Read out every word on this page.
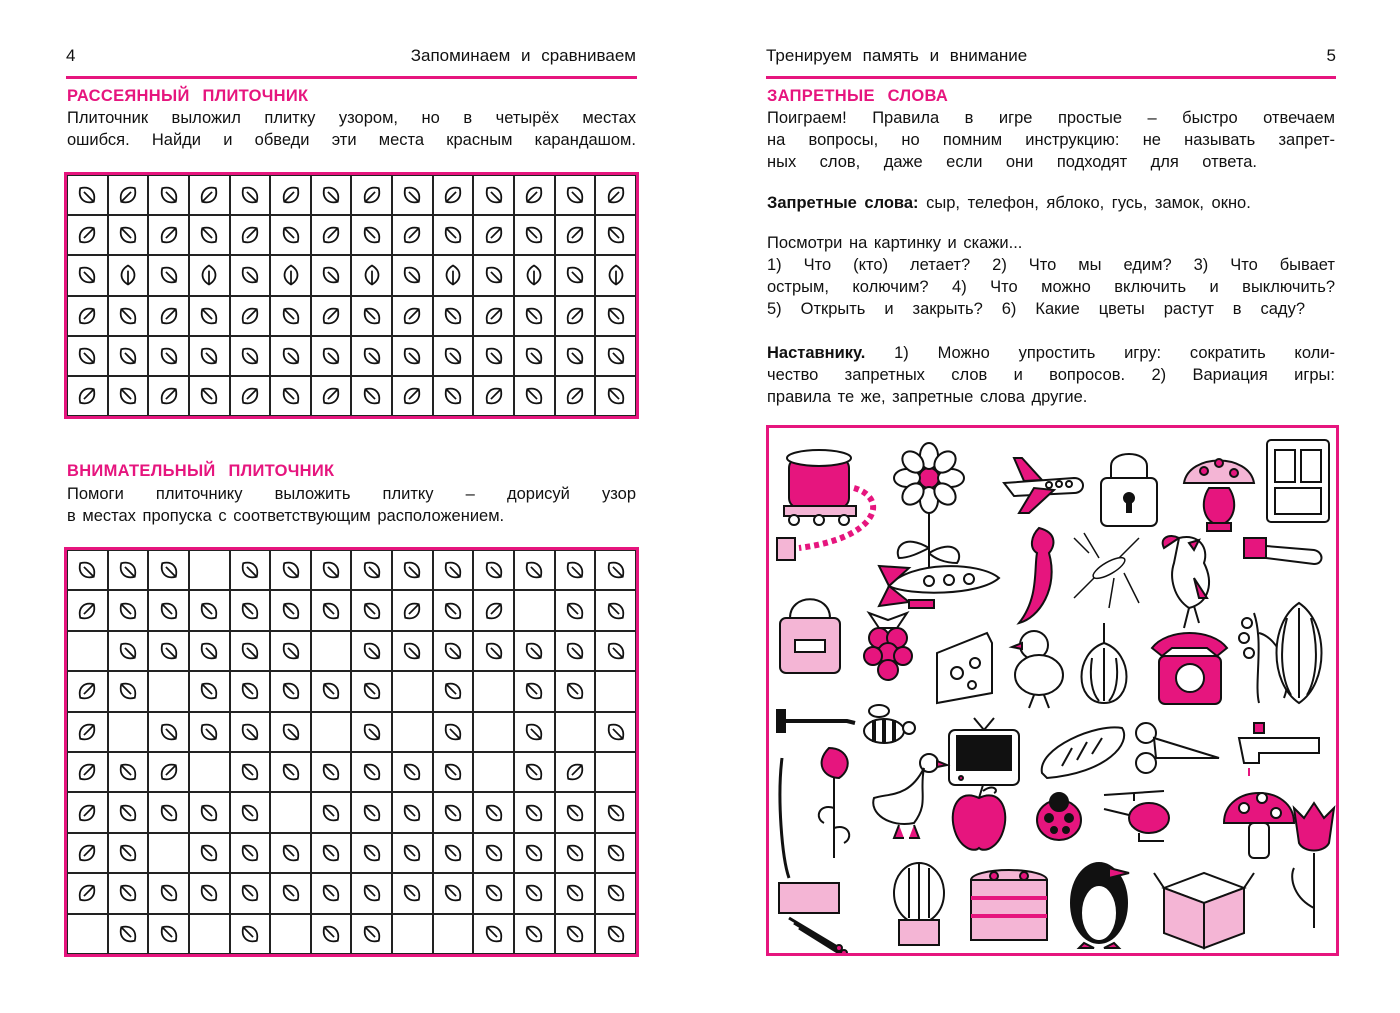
4	Запоминаем и сравниваем
РАССЕЯННЫЙ ПЛИТОЧНИК
Плиточник выложил плитку узором, но в четырёх местах
ошибся. Найди и обведи эти места красным карандашом.
ВНИМАТЕЛЬНЫЙ ПЛИТОЧНИК
Помоги плиточнику выложить плитку – дорисуй узор
в местах пропуска с соответствующим расположением.
Тренируем память и внимание	5
ЗАПРЕТНЫЕ СЛОВА
Поиграем! Правила в игре простые – быстро отвечаем
на вопросы, но помним инструкцию: не называть запрет-
ных слов, даже если они подходят для ответа.
Запретные слова: сыр, телефон, яблоко, гусь, замок, окно.
Посмотри на картинку и скажи...
1) Что (кто) летает? 2) Что мы едим? 3) Что бывает
острым, колючим? 4) Что можно включить и выключить?
5) Открыть и закрыть? 6) Какие цветы растут в саду?
Наставнику. 1) Можно упростить игру: сократить коли-
чество запретных слов и вопросов. 2) Вариация игры:
правила те же, запретные слова другие.
